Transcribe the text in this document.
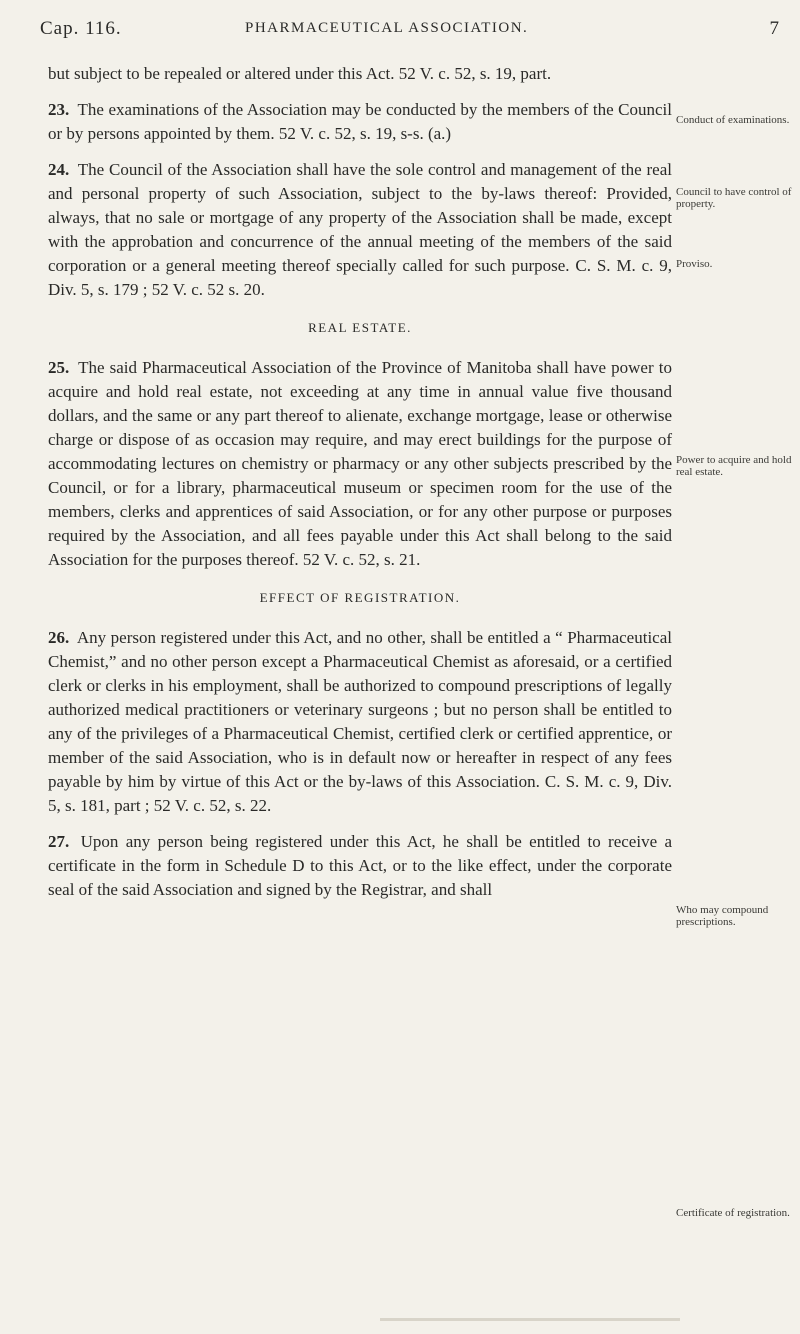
Cap. 116.	PHARMACEUTICAL ASSOCIATION.	7

but subject to be repealed or altered under this Act. 52 V. c. 52, s. 19, part.

23. The examinations of the Association may be conducted by the members of the Council or by persons appointed by them. 52 V. c. 52, s. 19, s-s. (a.)

24. The Council of the Association shall have the sole control and management of the real and personal property of such Association, subject to the by-laws thereof: Provided, always, that no sale or mortgage of any property of the Association shall be made, except with the approbation and concurrence of the annual meeting of the members of the said corporation or a general meeting thereof specially called for such purpose. C. S. M. c. 9, Div. 5, s. 179 ; 52 V. c. 52 s. 20.

REAL ESTATE.

25. The said Pharmaceutical Association of the Province of Manitoba shall have power to acquire and hold real estate, not exceeding at any time in annual value five thousand dollars, and the same or any part thereof to alienate, exchange mortgage, lease or otherwise charge or dispose of as occasion may require, and may erect buildings for the purpose of accommodating lectures on chemistry or pharmacy or any other subjects prescribed by the Council, or for a library, pharmaceutical museum or specimen room for the use of the members, clerks and apprentices of said Association, or for any other purpose or purposes required by the Association, and all fees payable under this Act shall belong to the said Association for the purposes thereof. 52 V. c. 52, s. 21.

EFFECT OF REGISTRATION.

26. Any person registered under this Act, and no other, shall be entitled a “ Pharmaceutical Chemist,” and no other person except a Pharmaceutical Chemist as aforesaid, or a certified clerk or clerks in his employment, shall be authorized to compound prescriptions of legally authorized medical practitioners or veterinary surgeons ; but no person shall be entitled to any of the privileges of a Pharmaceutical Chemist, certified clerk or certified apprentice, or member of the said Association, who is in default now or hereafter in respect of any fees payable by him by virtue of this Act or the by-laws of this Association. C. S. M. c. 9, Div. 5, s. 181, part ; 52 V. c. 52, s. 22.

27. Upon any person being registered under this Act, he shall be entitled to receive a certificate in the form in Schedule D to this Act, or to the like effect, under the corporate seal of the said Association and signed by the Registrar, and shall

Conduct of examinations.
Council to have control of property.
Proviso.
Power to acquire and hold real estate.
Who may compound prescriptions.
Certificate of registration.
